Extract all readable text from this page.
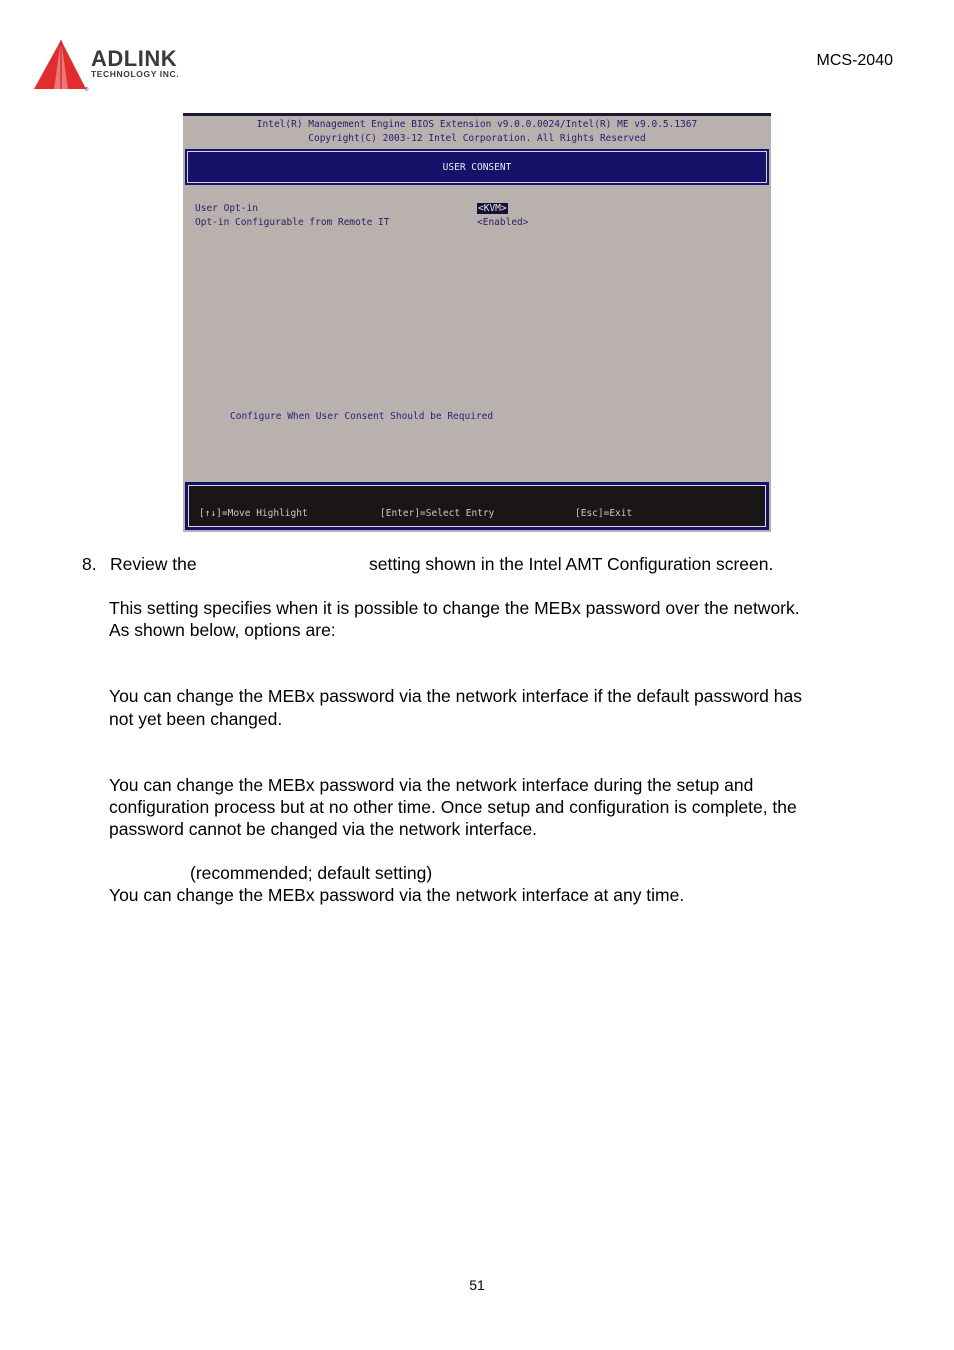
®
ADLINK
TECHNOLOGY INC.
MCS-2040
Intel(R) Management Engine BIOS Extension v9.0.0.0024/Intel(R) ME v9.0.5.1367
Copyright(C) 2003-12 Intel Corporation. All Rights Reserved
USER CONSENT
User Opt-in	<KVM>
Opt-in Configurable from Remote IT	<Enabled>
Configure When User Consent Should be Required
[↑↓]=Move Highlight	[Enter]=Select Entry	[Esc]=Exit
8. Review the	setting shown in the Intel AMT Configuration screen.
This setting specifies when it is possible to change the MEBx password over the network.
As shown below, options are:
You can change the MEBx password via the network interface if the default password has
not yet been changed.
You can change the MEBx password via the network interface during the setup and
configuration process but at no other time. Once setup and configuration is complete, the
password cannot be changed via the network interface.
(recommended; default setting)
You can change the MEBx password via the network interface at any time.
51
